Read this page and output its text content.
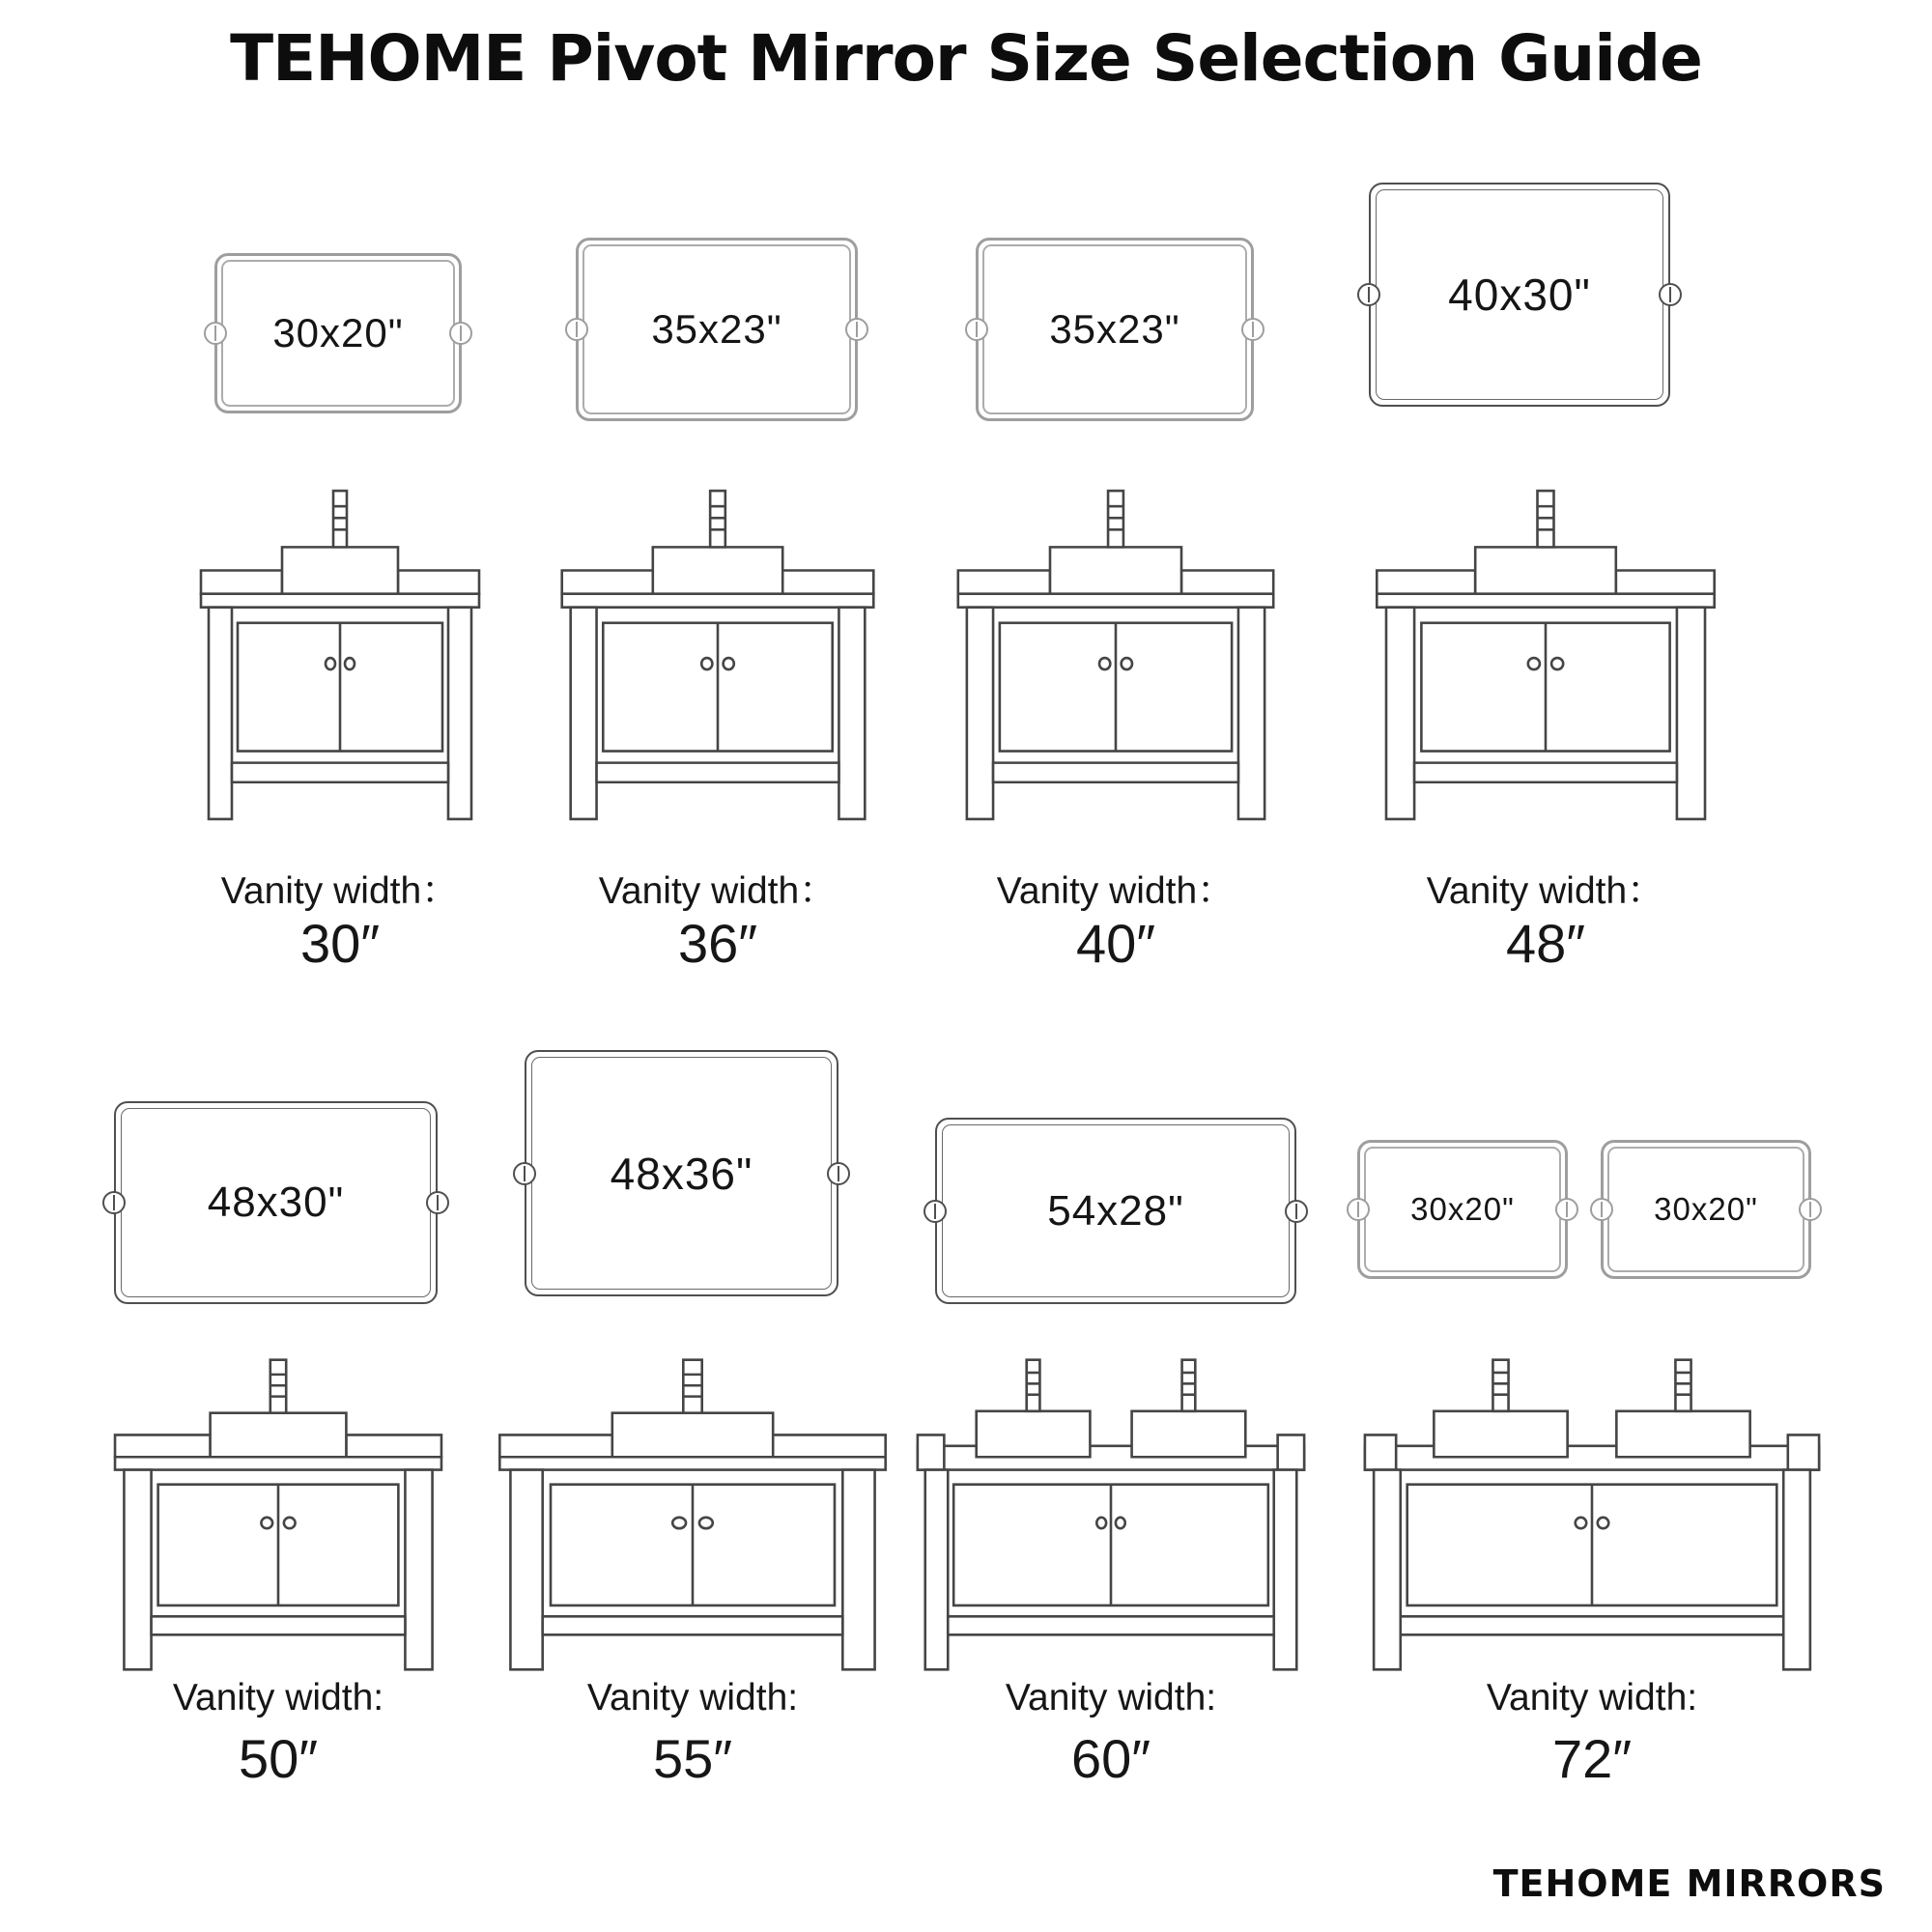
TEHOME Pivot Mirror Size Selection Guide
30x20"	35x23"	35x23"
40x30"
Vanity width：
30″
Vanity width：
36″
Vanity width：
40″
Vanity width：
48″
48x30"
48x36"
54x28"	30x20"	30x20"
Vanity width:
50″
Vanity width:
55″
Vanity width:
60″
Vanity width:
72″
TEHOME MIRRORS
